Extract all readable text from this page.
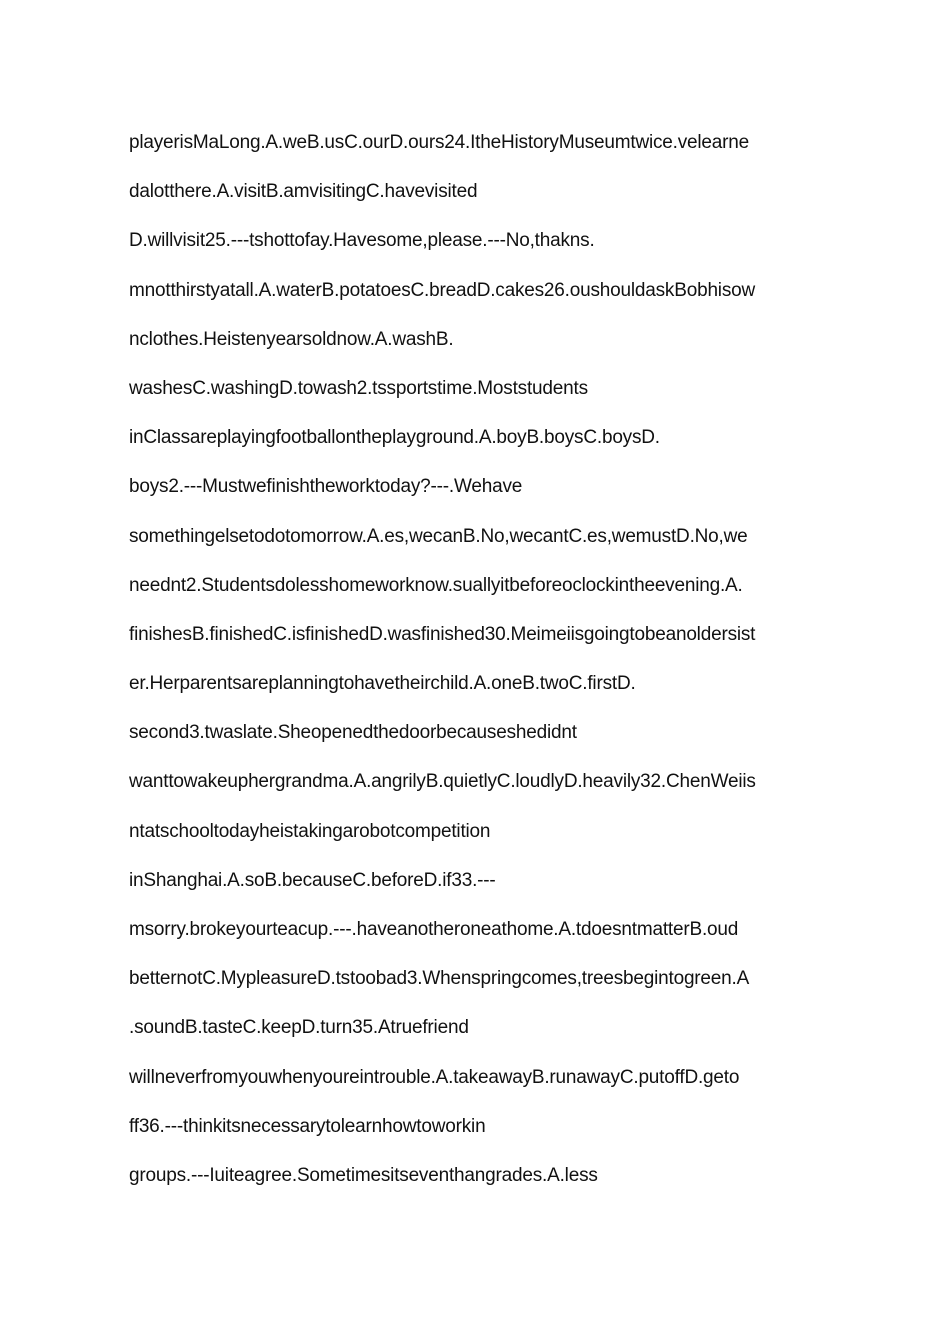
playerisMaLong.A.weB.usC.ourD.ours24.ItheHistoryMuseumtwice.velearne
dalotthere.A.visitB.amvisitingC.havevisited
D.willvisit25.---tshottofay.Havesome,please.---No,thakns.
mnotthirstyatall.A.waterB.potatoesC.breadD.cakes26.oushouldaskBobhisow
nclothes.Heistenyearsoldnow.A.washB.
washesC.washingD.towash2.tssportstime.Moststudents
inClassareplayingfootballontheplayground.A.boyB.boysC.boysD.
boys2.---Mustwefinishtheworktoday?---.Wehave
somethingelsetodotomorrow.A.es,wecanB.No,wecantC.es,wemustD.No,we
neednt2.Studentsdolesshomeworknow.suallyitbeforeoclockintheevening.A.
finishesB.finishedC.isfinishedD.wasfinished30.Meimeiisgoingtobeanoldersist
er.Herparentsareplanningtohavetheirchild.A.oneB.twoC.firstD.
second3.twaslate.Sheopenedthedoorbecauseshedidnt
wanttowakeuphergrandma.A.angrilyB.quietlyC.loudlyD.heavily32.ChenWeiis
ntatschooltodayheistakingarobotcompetition
inShanghai.A.soB.becauseC.beforeD.if33.---
msorry.brokeyourteacup.---.haveanotheroneathome.A.tdoesntmatterB.oud
betternotC.MypleasureD.tstoobad3.Whenspringcomes,treesbegintogreen.A
.soundB.tasteC.keepD.turn35.Atruefriend
willneverfromyouwhenyoureintrouble.A.takeawayB.runawayC.putoffD.geto
ff36.---thinkitsnecessarytolearnhowtoworkin
groups.---Iuiteagree.Sometimesitseventhangrades.A.less
